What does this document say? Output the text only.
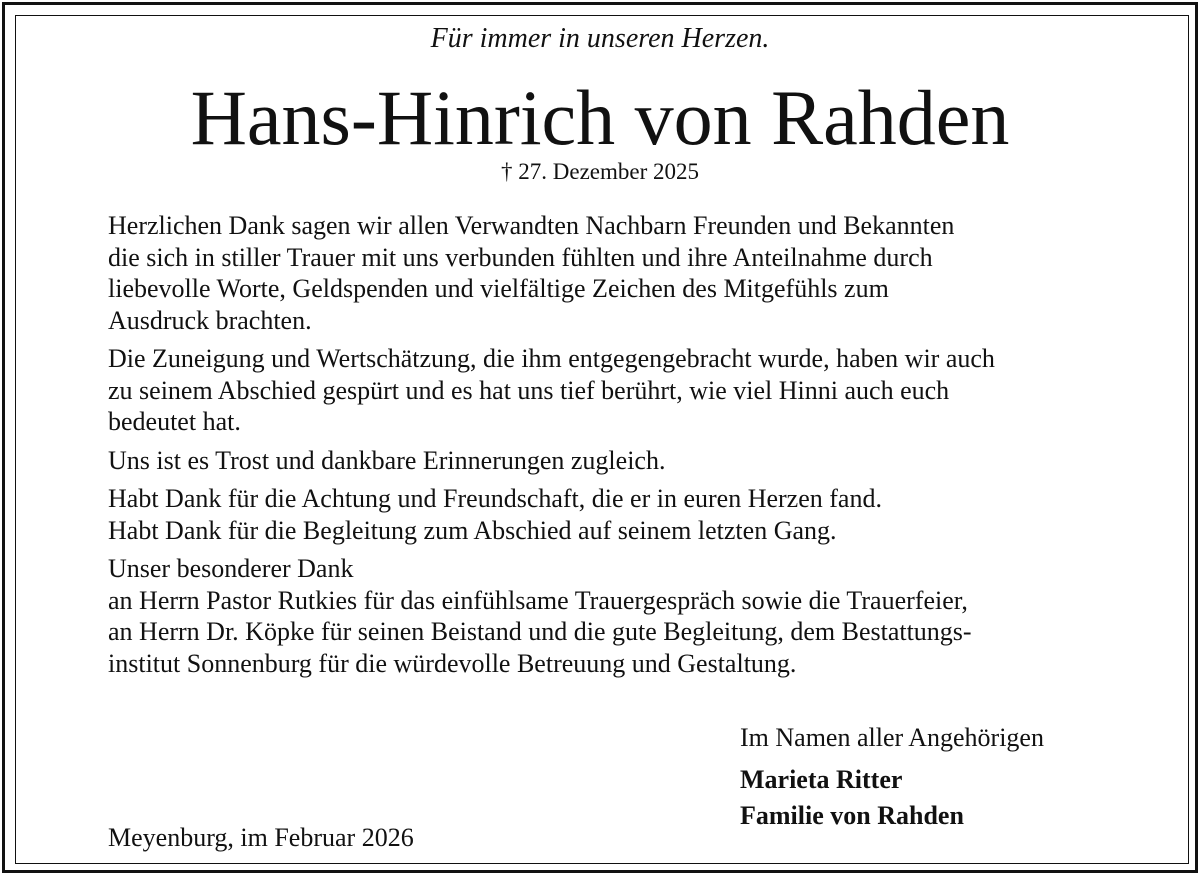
Für immer in unseren Herzen.
Hans-Hinrich von Rahden
† 27. Dezember 2025

Herzlichen Dank sagen wir allen Verwandten Nachbarn Freunden und Bekannten
die sich in stiller Trauer mit uns verbunden fühlten und ihre Anteilnahme durch
liebevolle Worte, Geldspenden und vielfältige Zeichen des Mitgefühls zum
Ausdruck brachten.

Die Zuneigung und Wertschätzung, die ihm entgegengebracht wurde, haben wir auch
zu seinem Abschied gespürt und es hat uns tief berührt, wie viel Hinni auch euch
bedeutet hat.

Uns ist es Trost und dankbare Erinnerungen zugleich.

Habt Dank für die Achtung und Freundschaft, die er in euren Herzen fand.
Habt Dank für die Begleitung zum Abschied auf seinem letzten Gang.

Unser besonderer Dank
an Herrn Pastor Rutkies für das einfühlsame Trauergespräch sowie die Trauerfeier,
an Herrn Dr. Köpke für seinen Beistand und die gute Begleitung, dem Bestattungs-
institut Sonnenburg für die würdevolle Betreuung und Gestaltung.

Im Namen aller Angehörigen
Marieta Ritter
Familie von Rahden
Meyenburg, im Februar 2026
